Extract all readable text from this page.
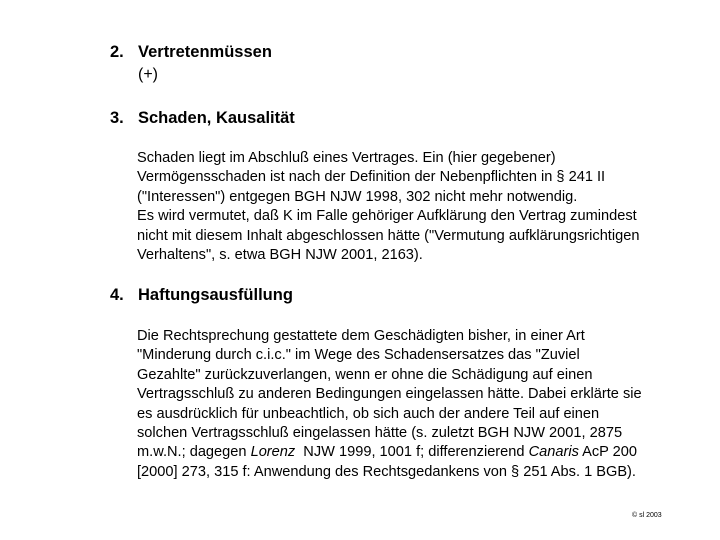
2. Vertretenmüssen
(+)
3. Schaden, Kausalität
Schaden liegt im Abschluß eines Vertrages. Ein (hier gegebener)
Vermögensschaden ist nach der Definition der Nebenpflichten in § 241 II
("Interessen") entgegen BGH NJW 1998, 302 nicht mehr notwendig.
Es wird vermutet, daß K im Falle gehöriger Aufklärung den Vertrag zumindest
nicht mit diesem Inhalt abgeschlossen hätte ("Vermutung aufklärungsrichtigen
Verhaltens", s. etwa BGH NJW 2001, 2163).
4. Haftungsausfüllung
Die Rechtsprechung gestattete dem Geschädigten bisher, in einer Art
"Minderung durch c.i.c." im Wege des Schadensersatzes das "Zuviel
Gezahlte" zurückzuverlangen, wenn er ohne die Schädigung auf einen
Vertragsschluß zu anderen Bedingungen eingelassen hätte. Dabei erklärte sie
es ausdrücklich für unbeachtlich, ob sich auch der andere Teil auf einen
solchen Vertragsschluß eingelassen hätte (s. zuletzt BGH NJW 2001, 2875
m.w.N.; dagegen Lorenz  NJW 1999, 1001 f; differenzierend Canaris AcP 200
[2000] 273, 315 f: Anwendung des Rechtsgedankens von § 251 Abs. 1 BGB).
© sl 2003
